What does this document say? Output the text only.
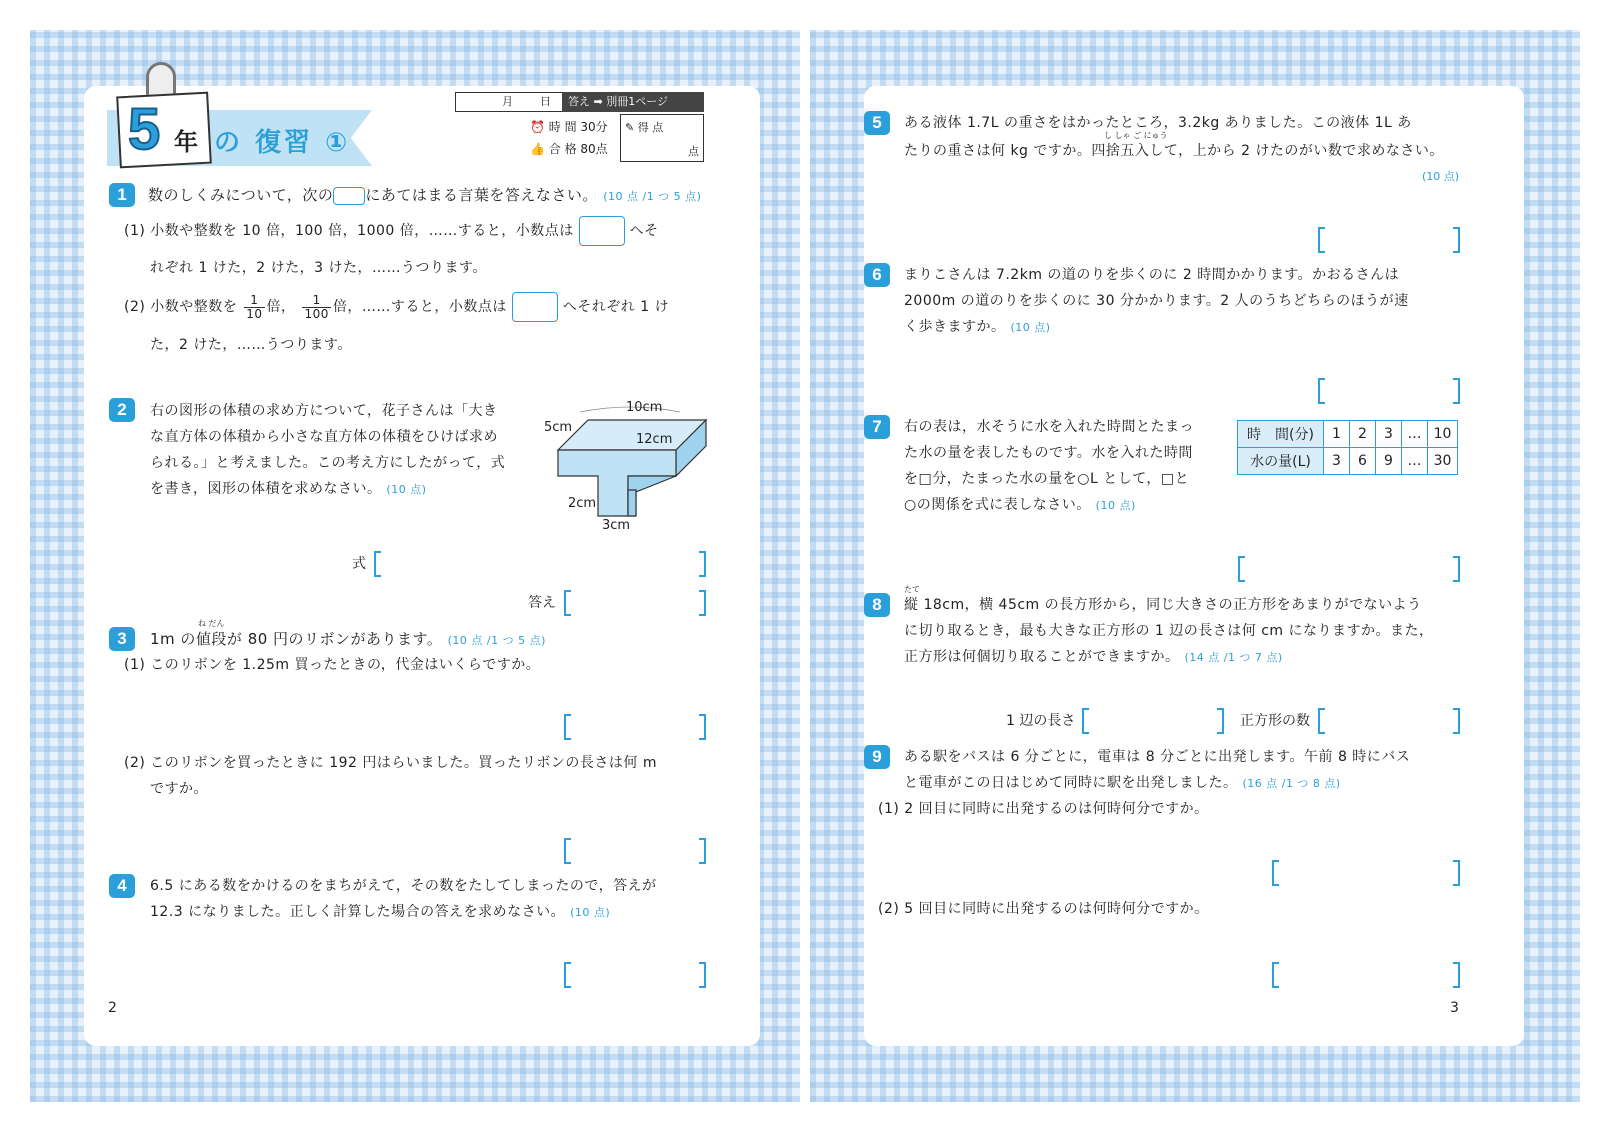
5 年 の 復習 ①
月 日	答え ➡ 別冊1ページ
⏰ 時 間 30分
👍 合 格 80点
✎ 得 点
点
1	数のしくみについて，次の にあてはまる言葉を答えなさい。 (10 点 /1 つ 5 点)
(1) 小数や整数を 10 倍，100 倍，1000 倍，……すると，小数点は	へそ
れぞれ 1 けた，2 けた，3 けた，……うつります。
(2) 小数や整数を $\frac{1}{10}$ 倍， $\frac{1}{100}$ 倍，……すると，小数点は	へそれぞれ 1 け
た，2 けた，……うつります。
2	右の図形の体積の求め方について，花子さんは「大き
な直方体の体積から小さな直方体の体積をひけば求め
られる。」と考えました。この考え方にしたがって，式
を書き，図形の体積を求めなさい。 (10 点)
10cm
5cm
12cm
2cm
3cm
式
答え
3
ね だん
1m の値段が 80 円のリボンがあります。 (10 点 /1 つ 5 点)
(1) このリボンを 1.25m 買ったときの，代金はいくらですか。
(2) このリボンを買ったときに 192 円はらいました。買ったリボンの長さは何 m
ですか。
4	6.5 にある数をかけるのをまちがえて，その数をたしてしまったので，答えが
12.3 になりました。正しく計算した場合の答えを求めなさい。 (10 点)
2
5	ある液体 1.7L の重さをはかったところ，3.2kg ありました。この液体 1L あ
し しゃ ご にゅう
たりの重さは何 kg ですか。四捨五入して，上から 2 けたのがい数で求めなさい。
(10 点)
6	まりこさんは 7.2km の道のりを歩くのに 2 時間かかります。かおるさんは
2000m の道のりを歩くのに 30 分かかります。2 人のうちどちらのほうが速
く歩きますか。 (10 点)
7	右の表は，水そうに水を入れた時間とたまっ
た水の量を表したものです。水を入れた時間
を□分，たまった水の量を○L として，□と
○の関係を式に表しなさい。 (10 点)
時　間(分)	1	2	3	…	10
水の量(L)	3	6	9	…	30
8
たて
縦 18cm，横 45cm の長方形から，同じ大きさの正方形をあまりがでないよう
に切り取るとき，最も大きな正方形の 1 辺の長さは何 cm になりますか。また，
正方形は何個切り取ることができますか。 (14 点 /1 つ 7 点)
1 辺の長さ	正方形の数
9	ある駅をバスは 6 分ごとに，電車は 8 分ごとに出発します。午前 8 時にバス
と電車がこの日はじめて同時に駅を出発しました。 (16 点 /1 つ 8 点)
(1) 2 回目に同時に出発するのは何時何分ですか。
(2) 5 回目に同時に出発するのは何時何分ですか。
3
